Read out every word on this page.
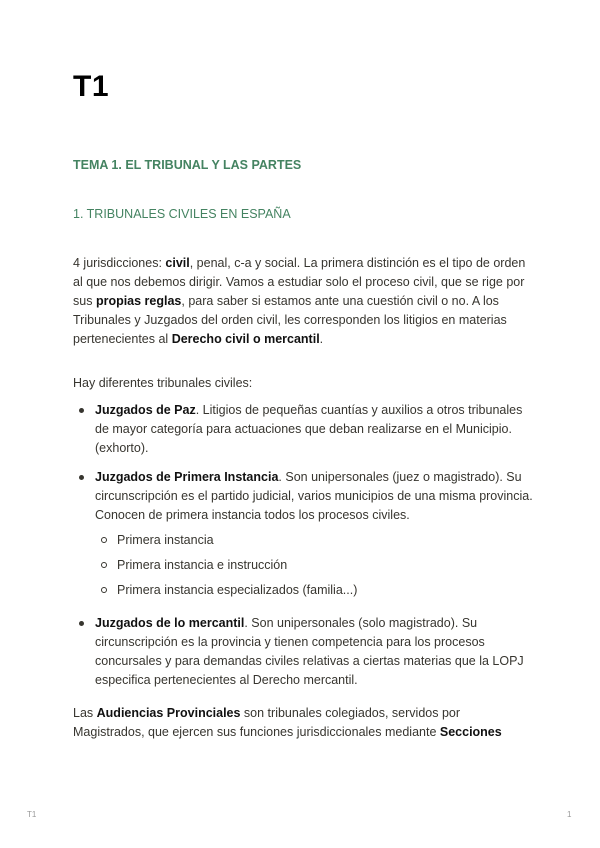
T1

TEMA 1. EL TRIBUNAL Y LAS PARTES

1. TRIBUNALES CIVILES EN ESPAÑA

4 jurisdicciones: civil, penal, c-a y social. La primera distinción es el tipo de orden al que nos debemos dirigir. Vamos a estudiar solo el proceso civil, que se rige por sus propias reglas, para saber si estamos ante una cuestión civil o no. A los Tribunales y Juzgados del orden civil, les corresponden los litigios en materias pertenecientes al Derecho civil o mercantil.

Hay diferentes tribunales civiles:

Juzgados de Paz. Litigios de pequeñas cuantías y auxilios a otros tribunales de mayor categoría para actuaciones que deban realizarse en el Municipio. (exhorto).
Juzgados de Primera Instancia. Son unipersonales (juez o magistrado). Su circunscripción es el partido judicial, varios municipios de una misma provincia. Conocen de primera instancia todos los procesos civiles.
Primera instancia
Primera instancia e instrucción
Primera instancia especializados (familia...)
Juzgados de lo mercantil. Son unipersonales (solo magistrado). Su circunscripción es la provincia y tienen competencia para los procesos concursales y para demandas civiles relativas a ciertas materias que la LOPJ especifica pertenecientes al Derecho mercantil.

Las Audiencias Provinciales son tribunales colegiados, servidos por Magistrados, que ejercen sus funciones jurisdiccionales mediante Secciones

T1	1
